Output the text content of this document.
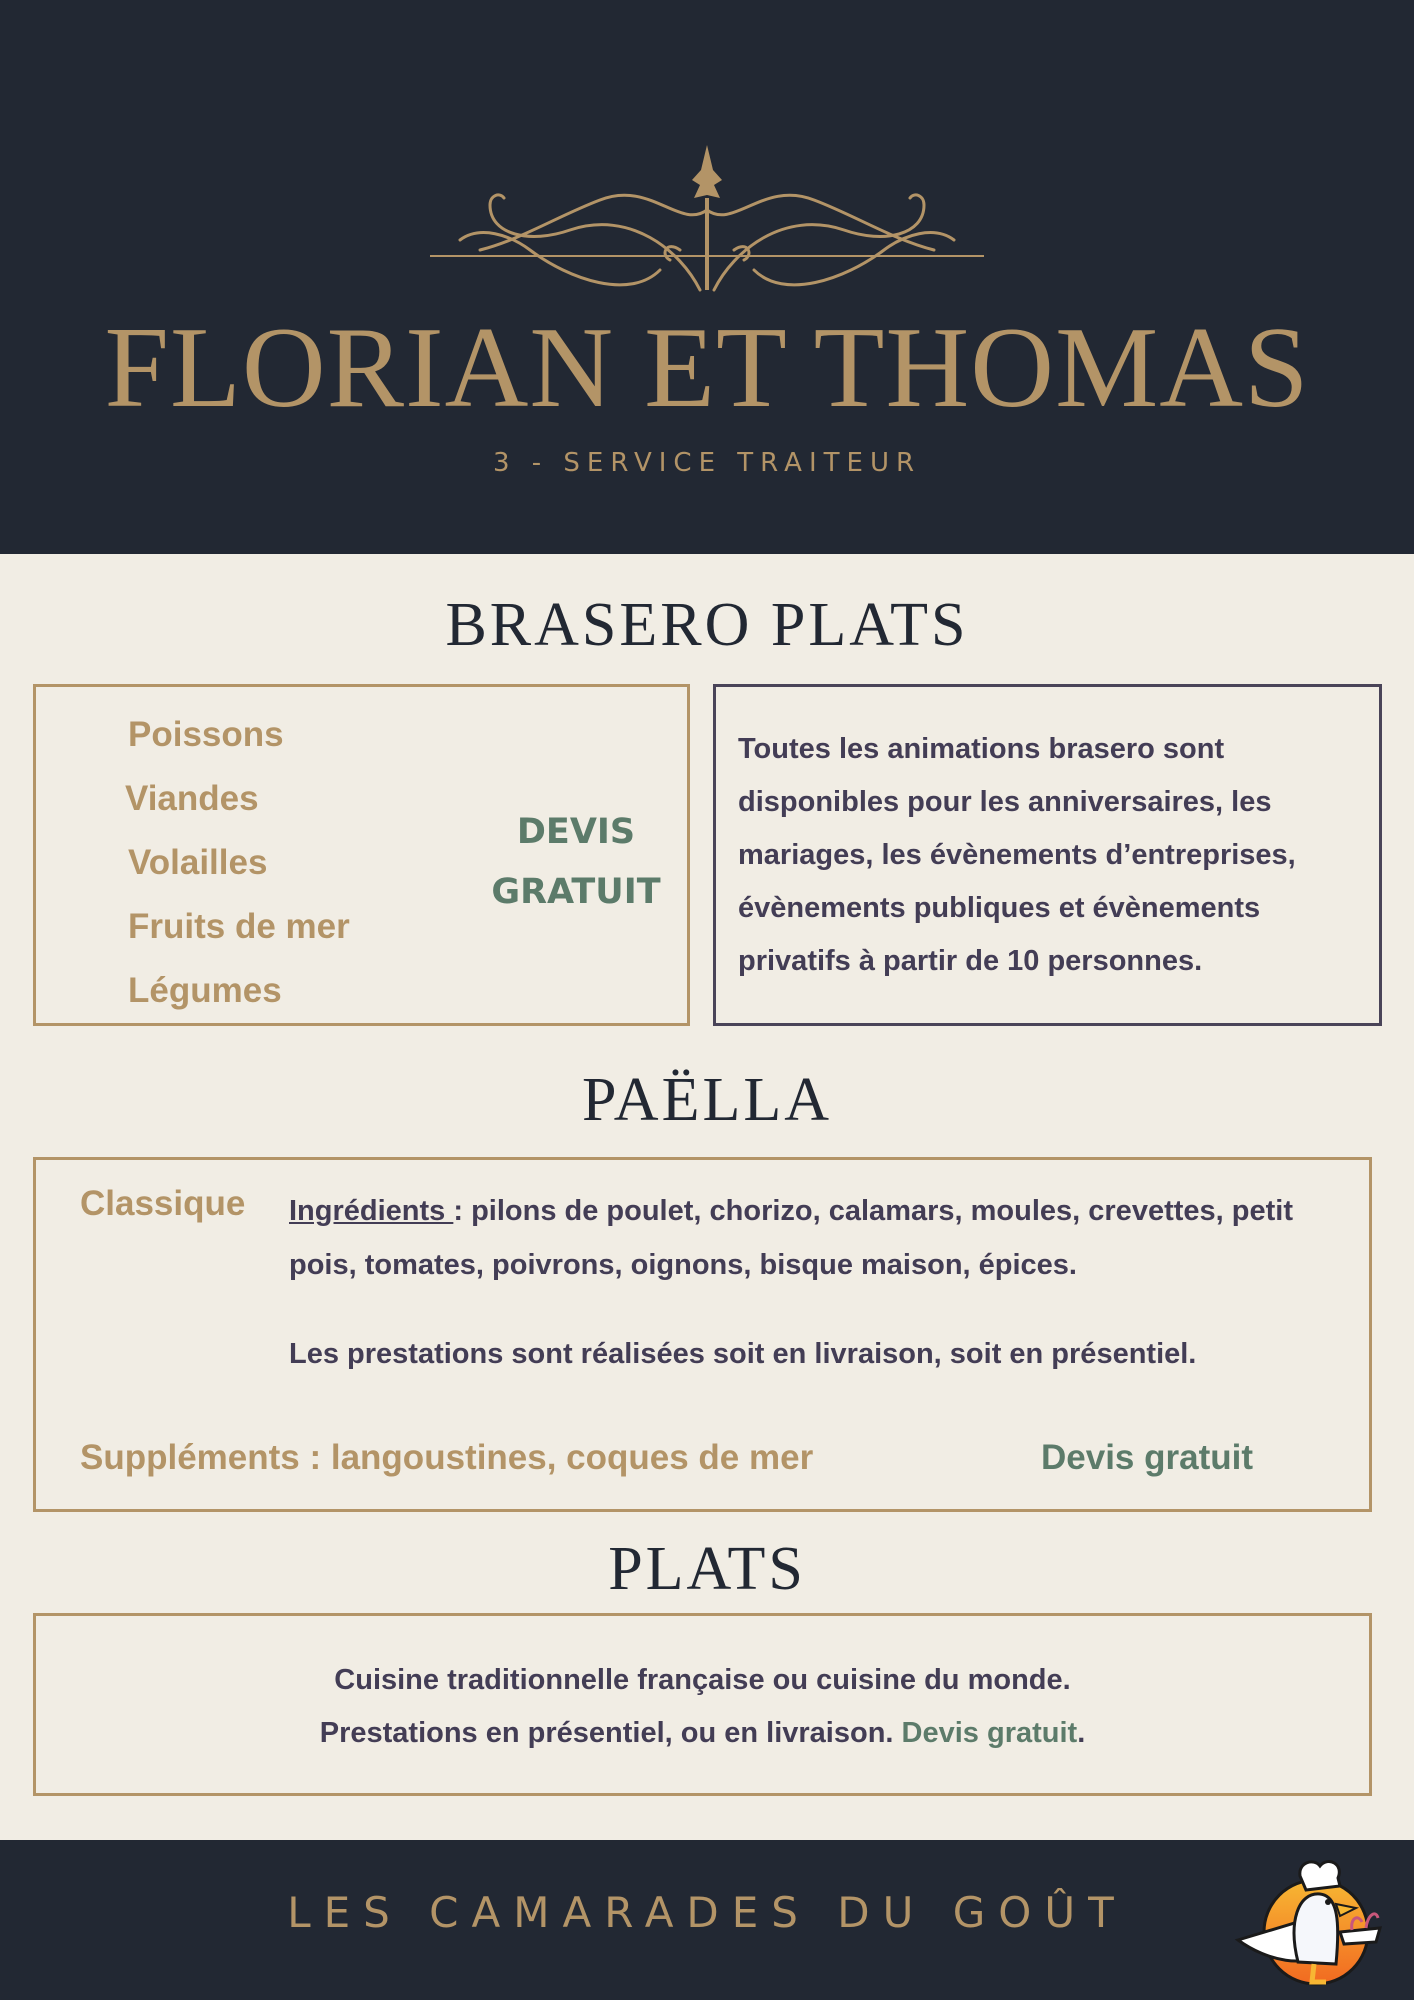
FLORIAN ET THOMAS
3 - SERVICE TRAITEUR
BRASERO PLATS
Poissons
Viandes
Volailles
Fruits de mer
Légumes
DEVIS
GRATUIT
Toutes les animations brasero sont disponibles pour les anniversaires, les mariages, les évènements d’entreprises, évènements publiques et évènements privatifs à partir de 10 personnes.
PAËLLA
Classique Ingrédients : pilons de poulet, chorizo, calamars, moules, crevettes, petit pois, tomates, poivrons, oignons, bisque maison, épices.
Les prestations sont réalisées soit en livraison, soit en présentiel.
Suppléments : langoustines, coques de mer	Devis gratuit
PLATS
Cuisine traditionnelle française ou cuisine du monde.
Prestations en présentiel, ou en livraison. Devis gratuit.
LES CAMARADES DU GOÛT
